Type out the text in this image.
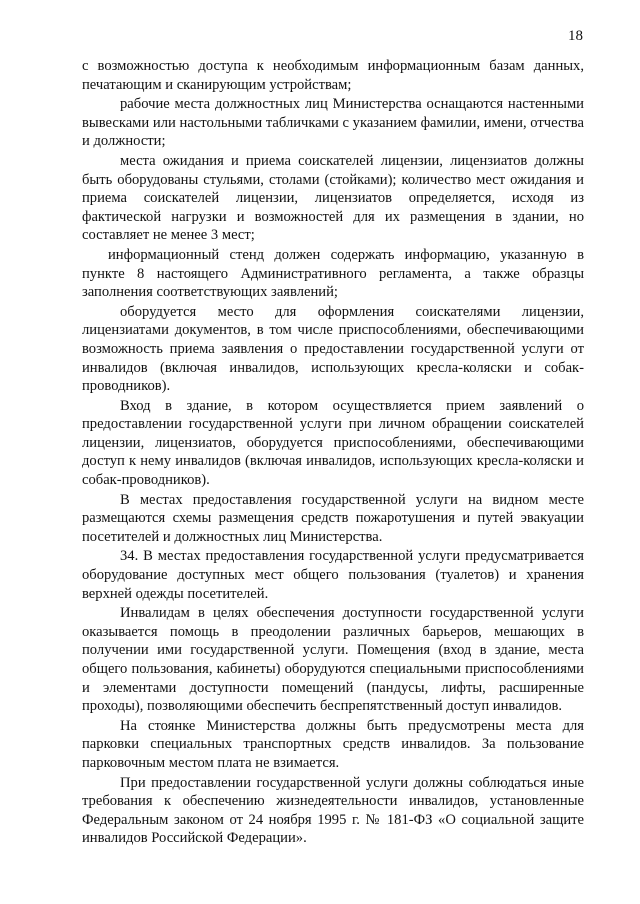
18

с возможностью доступа к необходимым информационным базам данных, печатающим и сканирующим устройствам;

рабочие места должностных лиц Министерства оснащаются настенными вывесками или настольными табличками с указанием фамилии, имени, отчества и должности;

места ожидания и приема соискателей лицензии, лицензиатов должны быть оборудованы стульями, столами (стойками); количество мест ожидания и приема соискателей лицензии, лицензиатов определяется, исходя из фактической нагрузки и возможностей для их размещения в здании, но составляет не менее 3 мест;

информационный стенд должен содержать информацию, указанную в пункте 8 настоящего Административного регламента, а также образцы заполнения соответствующих заявлений;

оборудуется место для оформления соискателями лицензии, лицензиатами документов, в том числе приспособлениями, обеспечивающими возможность приема заявления о предоставлении государственной услуги от инвалидов (включая инвалидов, использующих кресла-коляски и собак-проводников).

Вход в здание, в котором осуществляется прием заявлений о предоставлении государственной услуги при личном обращении соискателей лицензии, лицензиатов, оборудуется приспособлениями, обеспечивающими доступ к нему инвалидов (включая инвалидов, использующих кресла-коляски и собак-проводников).

В местах предоставления государственной услуги на видном месте размещаются схемы размещения средств пожаротушения и путей эвакуации посетителей и должностных лиц Министерства.

34. В местах предоставления государственной услуги предусматривается оборудование доступных мест общего пользования (туалетов) и хранения верхней одежды посетителей.

Инвалидам в целях обеспечения доступности государственной услуги оказывается помощь в преодолении различных барьеров, мешающих в получении ими государственной услуги. Помещения (вход в здание, места общего пользования, кабинеты) оборудуются специальными приспособлениями и элементами доступности помещений (пандусы, лифты, расширенные проходы), позволяющими обеспечить беспрепятственный доступ инвалидов.

На стоянке Министерства должны быть предусмотрены места для парковки специальных транспортных средств инвалидов. За пользование парковочным местом плата не взимается.

При предоставлении государственной услуги должны соблюдаться иные требования к обеспечению жизнедеятельности инвалидов, установленные Федеральным законом от 24 ноября 1995 г. № 181-ФЗ «О социальной защите инвалидов Российской Федерации».
